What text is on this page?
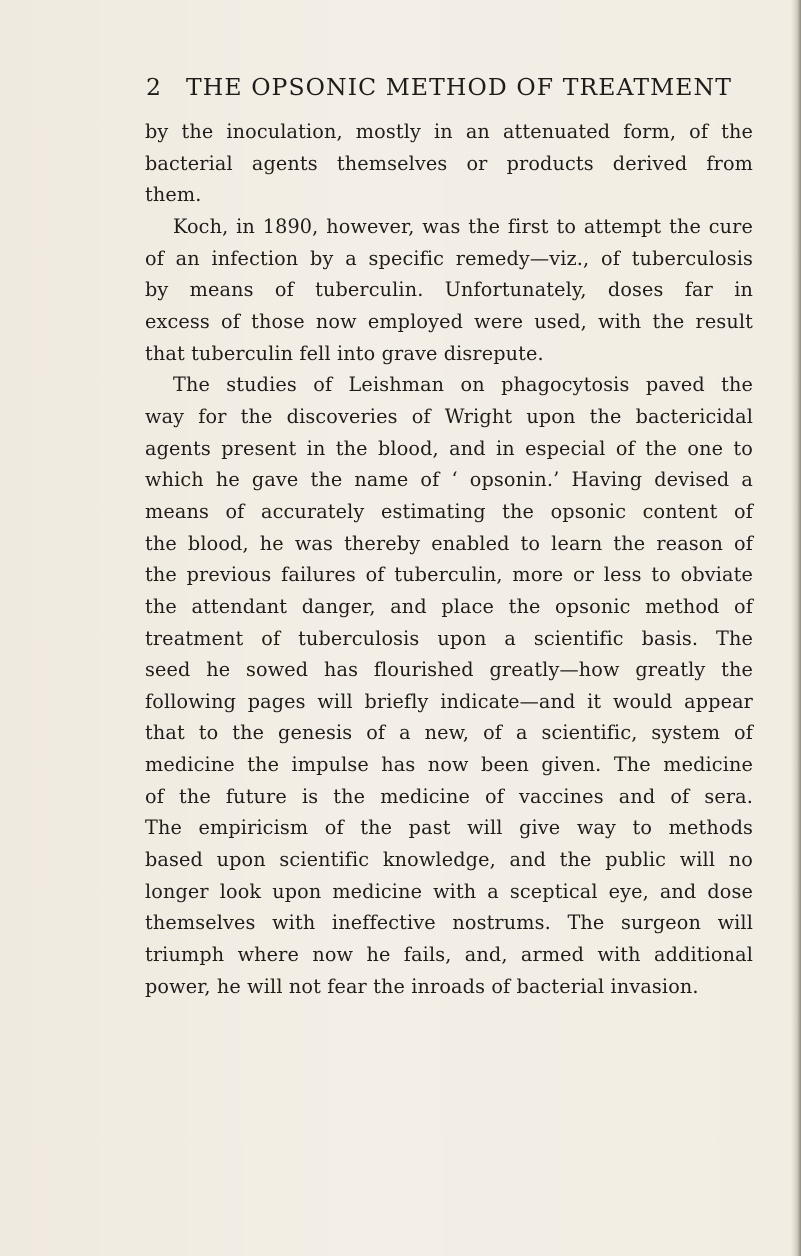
2 THE OPSONIC METHOD OF TREATMENT
by the inoculation, mostly in an attenuated form, of the
bacterial agents themselves or products derived from
them.
Koch, in 1890, however, was the first to attempt the cure
of an infection by a specific remedy—viz., of tuberculosis
by means of tuberculin. Unfortunately, doses far in
excess of those now employed were used, with the result
that tuberculin fell into grave disrepute.
The studies of Leishman on phagocytosis paved the
way for the discoveries of Wright upon the bactericidal
agents present in the blood, and in especial of the one to
which he gave the name of ‘ opsonin.’ Having devised a
means of accurately estimating the opsonic content of
the blood, he was thereby enabled to learn the reason of
the previous failures of tuberculin, more or less to obviate
the attendant danger, and place the opsonic method of
treatment of tuberculosis upon a scientific basis. The
seed he sowed has flourished greatly—how greatly the
following pages will briefly indicate—and it would appear
that to the genesis of a new, of a scientific, system of
medicine the impulse has now been given. The medicine
of the future is the medicine of vaccines and of sera.
The empiricism of the past will give way to methods
based upon scientific knowledge, and the public will no
longer look upon medicine with a sceptical eye, and dose
themselves with ineffective nostrums. The surgeon will
triumph where now he fails, and, armed with additional
power, he will not fear the inroads of bacterial invasion.
